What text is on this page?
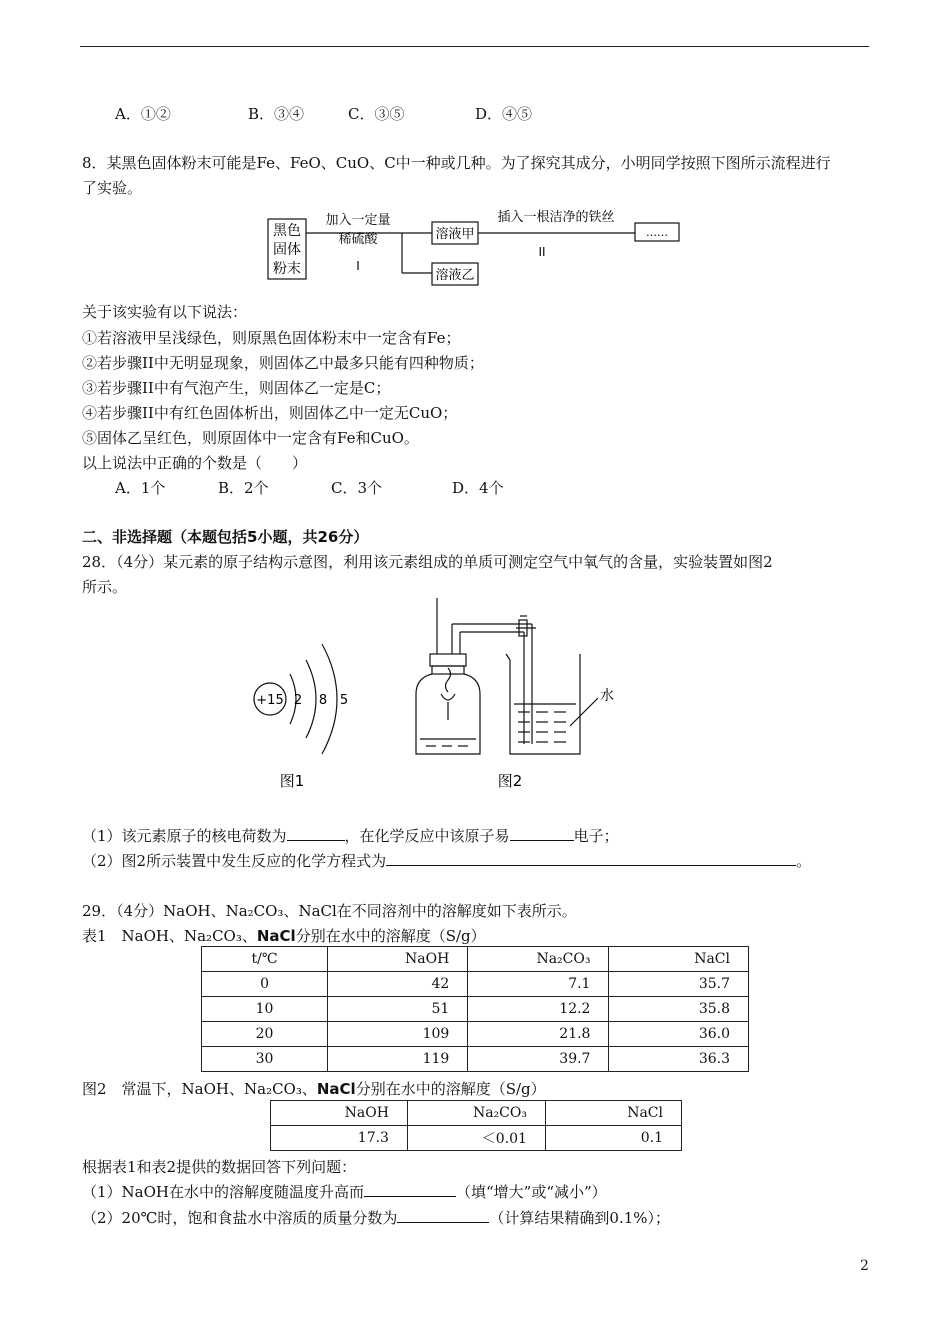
A．①②	B．③④	C．③⑤	D．④⑤
8．某黑色固体粉末可能是Fe、FeO、CuO、C中一种或几种。为了探究其成分，小明同学按照下图所示流程进行
了实验。
黑色
固体
粉末
加入一定量
稀硫酸
I
溶液甲
溶液乙
插入一根洁净的铁丝
II
……
关于该实验有以下说法：
①若溶液甲呈浅绿色，则原黑色固体粉末中一定含有Fe；
②若步骤II中无明显现象，则固体乙中最多只能有四种物质；
③若步骤II中有气泡产生，则固体乙一定是C；
④若步骤II中有红色固体析出，则固体乙中一定无CuO；
⑤固体乙呈红色，则原固体中一定含有Fe和CuO。
以上说法中正确的个数是（　　）
A．1个	B．2个	C．3个	D．4个
二、非选择题（本题包括5小题，共26分）
28．（4分）某元素的原子结构示意图，利用该元素组成的单质可测定空气中氧气的含量，实验装置如图2
所示。
+15 2 8 5	水
图1	图2
（1）该元素原子的核电荷数为	，在化学反应中该原子易	电子；
（2）图2所示装置中发生反应的化学方程式为	。
29．（4分）NaOH、Na₂CO₃、NaCl在不同溶剂中的溶解度如下表所示。
表1　NaOH、Na₂CO₃、NaCl分别在水中的溶解度（S/g）
t/℃	NaOH	Na₂CO₃	NaCl
0	42	7.1	35.7
10	51	12.2	35.8
20	109	21.8	36.0
30	119	39.7	36.3
图2　常温下，NaOH、Na₂CO₃、NaCl分别在水中的溶解度（S/g）
NaOH	Na₂CO₃	NaCl
17.3	＜0.01	0.1
根据表1和表2提供的数据回答下列问题：
（1）NaOH在水中的溶解度随温度升高而	（填“增大”或“减小”）
（2）20℃时，饱和食盐水中溶质的质量分数为	（计算结果精确到0.1%）；
2
